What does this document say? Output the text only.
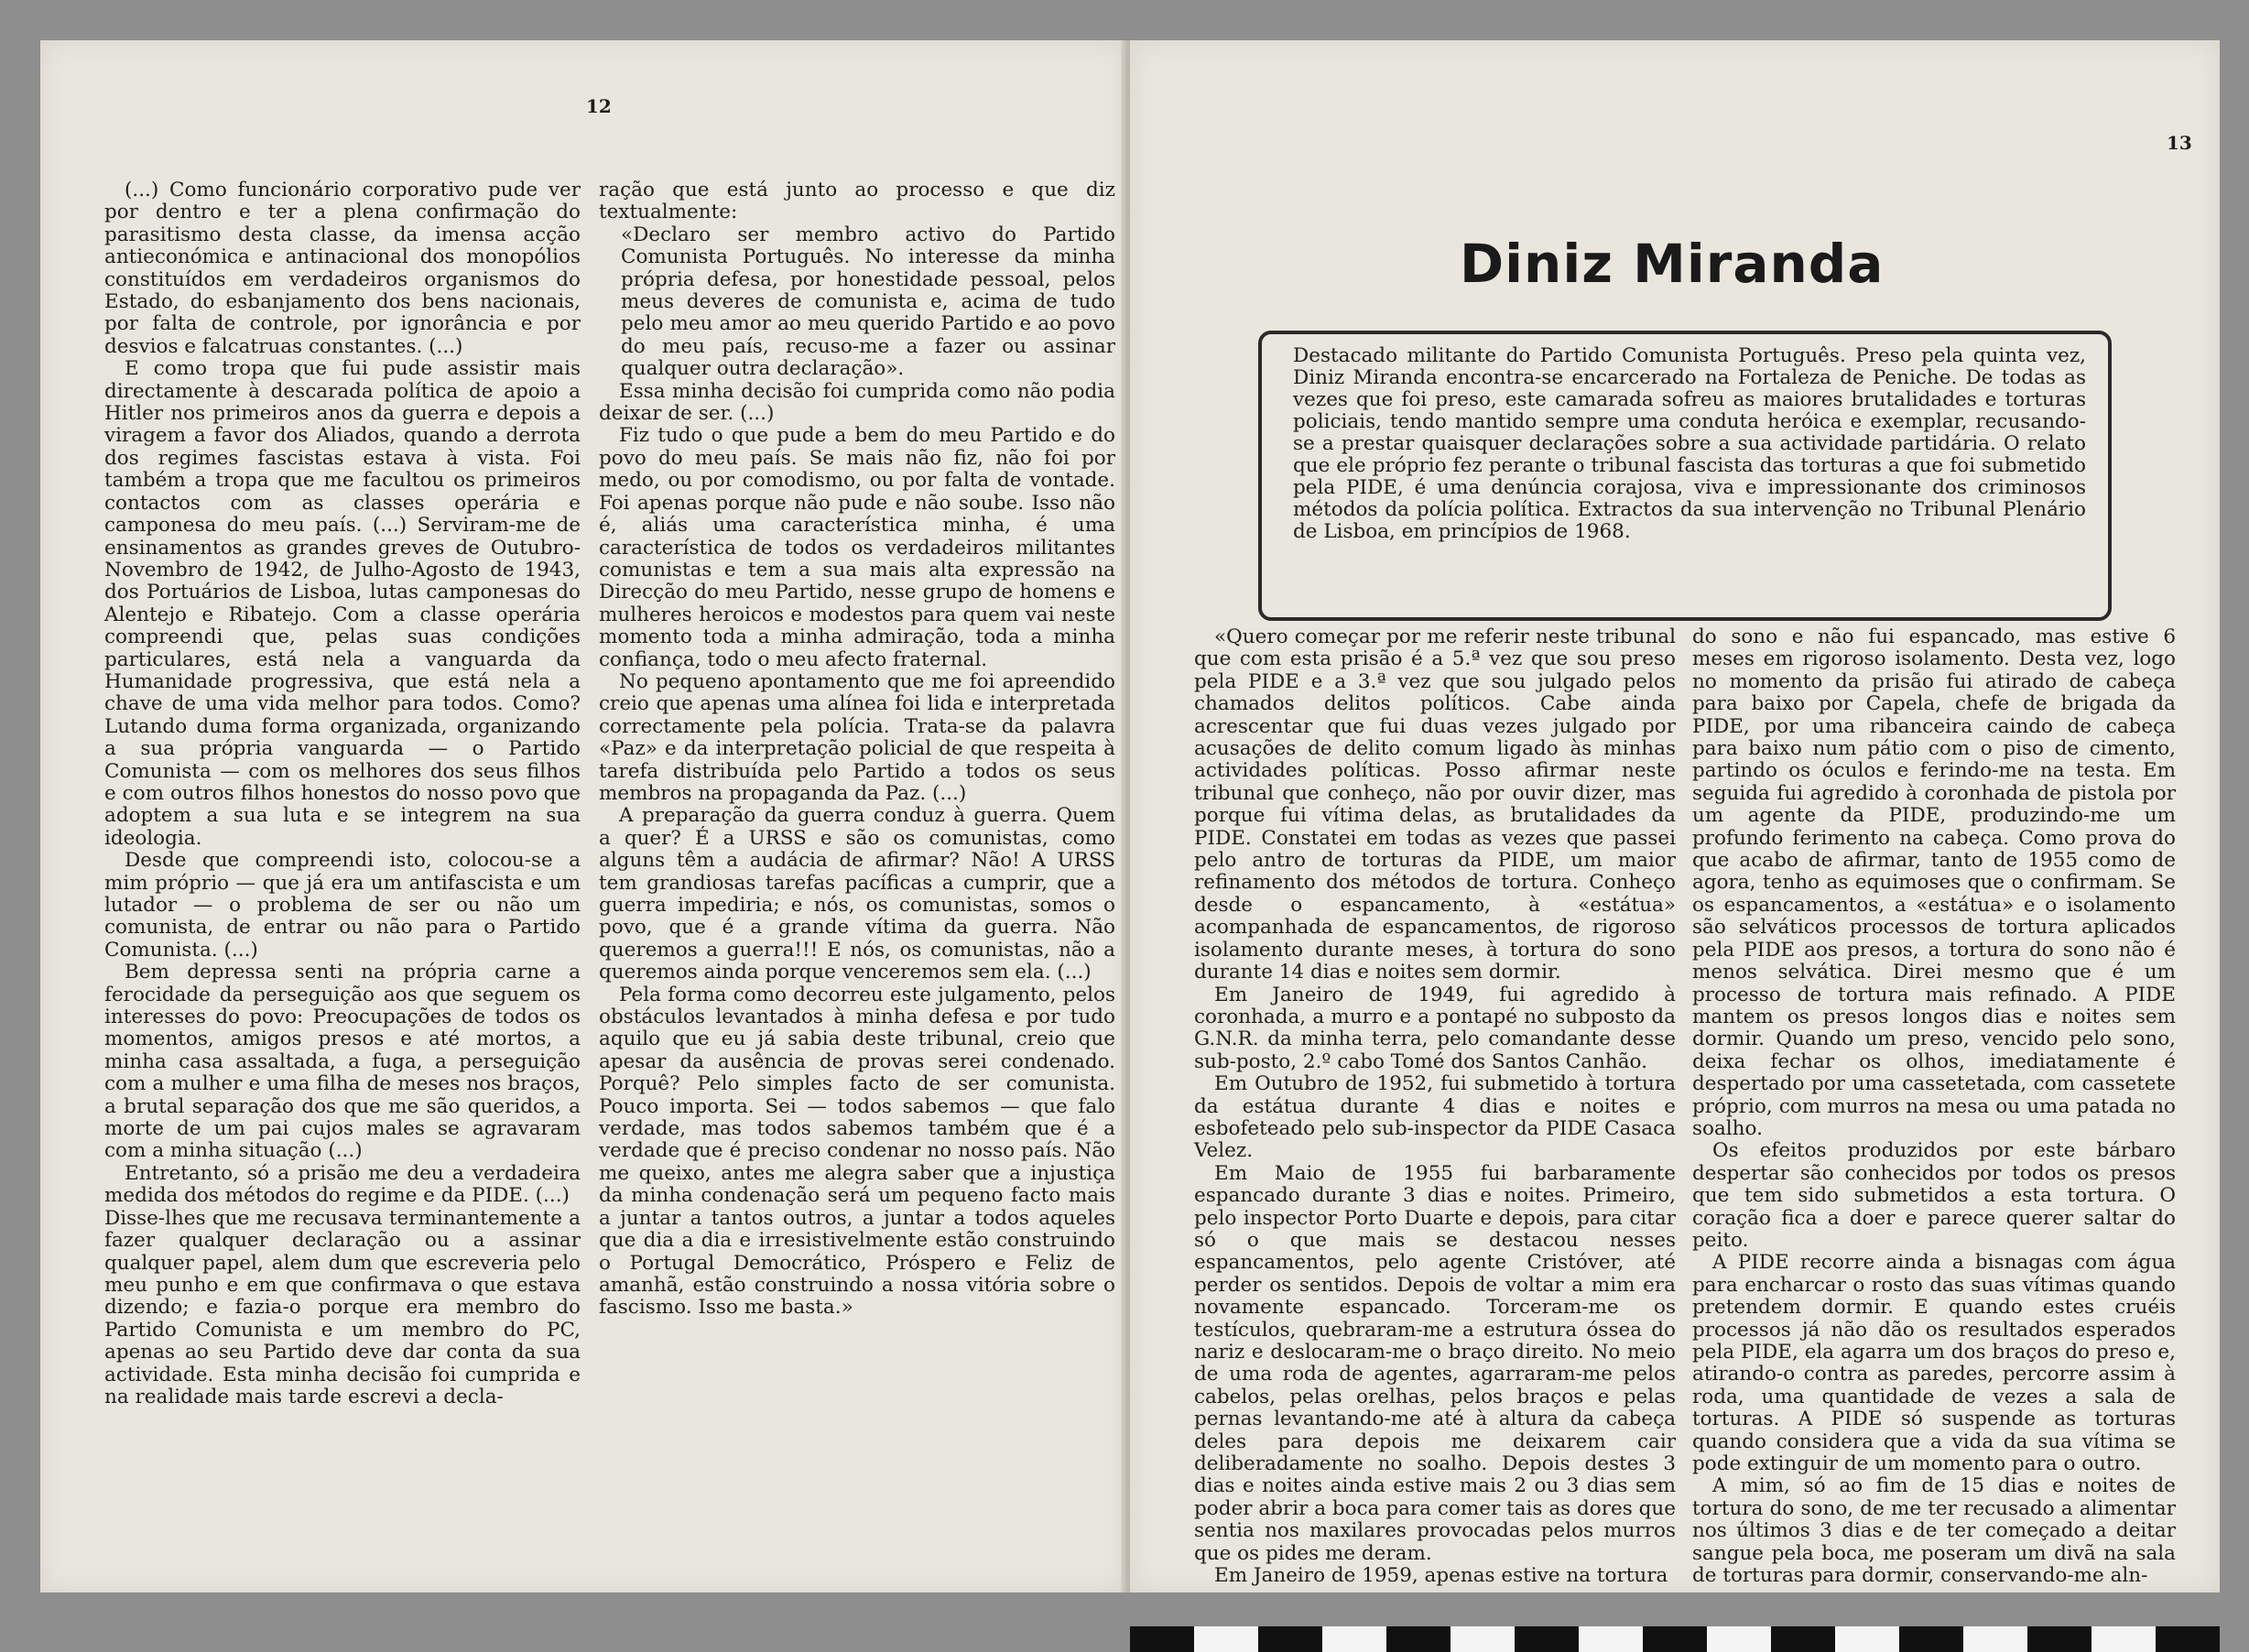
12

(...) Como funcionário corporativo pude ver por dentro e ter a plena confirmação do parasitismo desta classe, da imensa acção antieconómica e antinacional dos monopólios constituídos em verdadeiros organismos do Estado, do esbanjamento dos bens nacionais, por falta de controle, por ignorância e por desvios e falcatruas constantes. (...)

E como tropa que fui pude assistir mais directamente à descarada política de apoio a Hitler nos primeiros anos da guerra e depois a viragem a favor dos Aliados, quando a derrota dos regimes fascistas estava à vista. Foi também a tropa que me facultou os primeiros contactos com as classes operária e camponesa do meu país. (...) Serviram-me de ensinamentos as grandes greves de Outubro-Novembro de 1942, de Julho-Agosto de 1943, dos Portuários de Lisboa, lutas camponesas do Alentejo e Ribatejo. Com a classe operária compreendi que, pelas suas condições particulares, está nela a vanguarda da Humanidade progressiva, que está nela a chave de uma vida melhor para todos. Como? Lutando duma forma organizada, organizando a sua própria vanguarda — o Partido Comunista — com os melhores dos seus filhos e com outros filhos honestos do nosso povo que adoptem a sua luta e se integrem na sua ideologia.

Desde que compreendi isto, colocou-se a mim próprio — que já era um antifascista e um lutador — o problema de ser ou não um comunista, de entrar ou não para o Partido Comunista. (...)

Bem depressa senti na própria carne a ferocidade da perseguição aos que seguem os interesses do povo: Preocupações de todos os momentos, amigos presos e até mortos, a minha casa assaltada, a fuga, a perseguição com a mulher e uma filha de meses nos braços, a brutal separação dos que me são queridos, a morte de um pai cujos males se agravaram com a minha situação (...)

Entretanto, só a prisão me deu a verdadeira medida dos métodos do regime e da PIDE. (...)

Disse-lhes que me recusava terminantemente a fazer qualquer declaração ou a assinar qualquer papel, alem dum que escreveria pelo meu punho e em que confirmava o que estava dizendo; e fazia-o porque era membro do Partido Comunista e um membro do PC, apenas ao seu Partido deve dar conta da sua actividade. Esta minha decisão foi cumprida e na realidade mais tarde escrevi a decla-

ração que está junto ao processo e que diz textualmente:

«Declaro ser membro activo do Partido Comunista Português. No interesse da minha própria defesa, por honestidade pessoal, pelos meus deveres de comunista e, acima de tudo pelo meu amor ao meu querido Partido e ao povo do meu país, recuso-me a fazer ou assinar qualquer outra declaração».

Essa minha decisão foi cumprida como não podia deixar de ser. (...)

Fiz tudo o que pude a bem do meu Partido e do povo do meu país. Se mais não fiz, não foi por medo, ou por comodismo, ou por falta de vontade. Foi apenas porque não pude e não soube. Isso não é, aliás uma característica minha, é uma característica de todos os verdadeiros militantes comunistas e tem a sua mais alta expressão na Direcção do meu Partido, nesse grupo de homens e mulheres heroicos e modestos para quem vai neste momento toda a minha admiração, toda a minha confiança, todo o meu afecto fraternal.

No pequeno apontamento que me foi apreendido creio que apenas uma alínea foi lida e interpretada correctamente pela polícia. Trata-se da palavra «Paz» e da interpretação policial de que respeita à tarefa distribuída pelo Partido a todos os seus membros na propaganda da Paz. (...)

A preparação da guerra conduz à guerra. Quem a quer? É a URSS e são os comunistas, como alguns têm a audácia de afirmar? Não! A URSS tem grandiosas tarefas pacíficas a cumprir, que a guerra impediria; e nós, os comunistas, somos o povo, que é a grande vítima da guerra. Não queremos a guerra!!! E nós, os comunistas, não a queremos ainda porque venceremos sem ela. (...)

Pela forma como decorreu este julgamento, pelos obstáculos levantados à minha defesa e por tudo aquilo que eu já sabia deste tribunal, creio que apesar da ausência de provas serei condenado. Porquê? Pelo simples facto de ser comunista. Pouco importa. Sei — todos sabemos — que falo verdade, mas todos sabemos também que é a verdade que é preciso condenar no nosso país. Não me queixo, antes me alegra saber que a injustiça da minha condenação será um pequeno facto mais a juntar a tantos outros, a juntar a todos aqueles que dia a dia e irresistivelmente estão construindo o Portugal Democrático, Próspero e Feliz de amanhã, estão construindo a nossa vitória sobre o fascismo. Isso me basta.»

13
Diniz Miranda

Destacado militante do Partido Comunista Português. Preso pela quinta vez, Diniz Miranda encontra-se encarcerado na Fortaleza de Peniche. De todas as vezes que foi preso, este camarada sofreu as maiores brutalidades e torturas policiais, tendo mantido sempre uma conduta heróica e exemplar, recusando-se a prestar quaisquer declarações sobre a sua actividade partidária. O relato que ele próprio fez perante o tribunal fascista das torturas a que foi submetido pela PIDE, é uma denúncia corajosa, viva e impressionante dos criminosos métodos da polícia política. Extractos da sua intervenção no Tribunal Plenário de Lisboa, em princípios de 1968.

«Quero começar por me referir neste tribunal que com esta prisão é a 5.ª vez que sou preso pela PIDE e a 3.ª vez que sou julgado pelos chamados delitos políticos. Cabe ainda acrescentar que fui duas vezes julgado por acusações de delito comum ligado às minhas actividades políticas. Posso afirmar neste tribunal que conheço, não por ouvir dizer, mas porque fui vítima delas, as brutalidades da PIDE. Constatei em todas as vezes que passei pelo antro de torturas da PIDE, um maior refinamento dos métodos de tortura. Conheço desde o espancamento, à «estátua» acompanhada de espancamentos, de rigoroso isolamento durante meses, à tortura do sono durante 14 dias e noites sem dormir.

Em Janeiro de 1949, fui agredido à coronhada, a murro e a pontapé no subposto da G.N.R. da minha terra, pelo comandante desse sub-posto, 2.º cabo Tomé dos Santos Canhão.

Em Outubro de 1952, fui submetido à tortura da estátua durante 4 dias e noites e esbofeteado pelo sub-inspector da PIDE Casaca Velez.

Em Maio de 1955 fui barbaramente espancado durante 3 dias e noites. Primeiro, pelo inspector Porto Duarte e depois, para citar só o que mais se destacou nesses espancamentos, pelo agente Cristóver, até perder os sentidos. Depois de voltar a mim era novamente espancado. Torceram-me os testículos, quebraram-me a estrutura óssea do nariz e deslocaram-me o braço direito. No meio de uma roda de agentes, agarraram-me pelos cabelos, pelas orelhas, pelos braços e pelas pernas levantando-me até à altura da cabeça deles para depois me deixarem cair deliberadamente no soalho. Depois destes 3 dias e noites ainda estive mais 2 ou 3 dias sem poder abrir a boca para comer tais as dores que sentia nos maxilares provocadas pelos murros que os pides me deram.

Em Janeiro de 1959, apenas estive na tortura

do sono e não fui espancado, mas estive 6 meses em rigoroso isolamento. Desta vez, logo no momento da prisão fui atirado de cabeça para baixo por Capela, chefe de brigada da PIDE, por uma ribanceira caindo de cabeça para baixo num pátio com o piso de cimento, partindo os óculos e ferindo-me na testa. Em seguida fui agredido à coronhada de pistola por um agente da PIDE, produzindo-me um profundo ferimento na cabeça. Como prova do que acabo de afirmar, tanto de 1955 como de agora, tenho as equimoses que o confirmam. Se os espancamentos, a «estátua» e o isolamento são selváticos processos de tortura aplicados pela PIDE aos presos, a tortura do sono não é menos selvática. Direi mesmo que é um processo de tortura mais refinado. A PIDE mantem os presos longos dias e noites sem dormir. Quando um preso, vencido pelo sono, deixa fechar os olhos, imediatamente é despertado por uma cassetetada, com cassetete próprio, com murros na mesa ou uma patada no soalho.

Os efeitos produzidos por este bárbaro despertar são conhecidos por todos os presos que tem sido submetidos a esta tortura. O coração fica a doer e parece querer saltar do peito.

A PIDE recorre ainda a bisnagas com água para encharcar o rosto das suas vítimas quando pretendem dormir. E quando estes cruéis processos já não dão os resultados esperados pela PIDE, ela agarra um dos braços do preso e, atirando-o contra as paredes, percorre assim à roda, uma quantidade de vezes a sala de torturas. A PIDE só suspende as torturas quando considera que a vida da sua vítima se pode extinguir de um momento para o outro.

A mim, só ao fim de 15 dias e noites de tortura do sono, de me ter recusado a alimentar nos últimos 3 dias e de ter começado a deitar sangue pela boca, me poseram um divã na sala de torturas para dormir, conservando-me aln-
